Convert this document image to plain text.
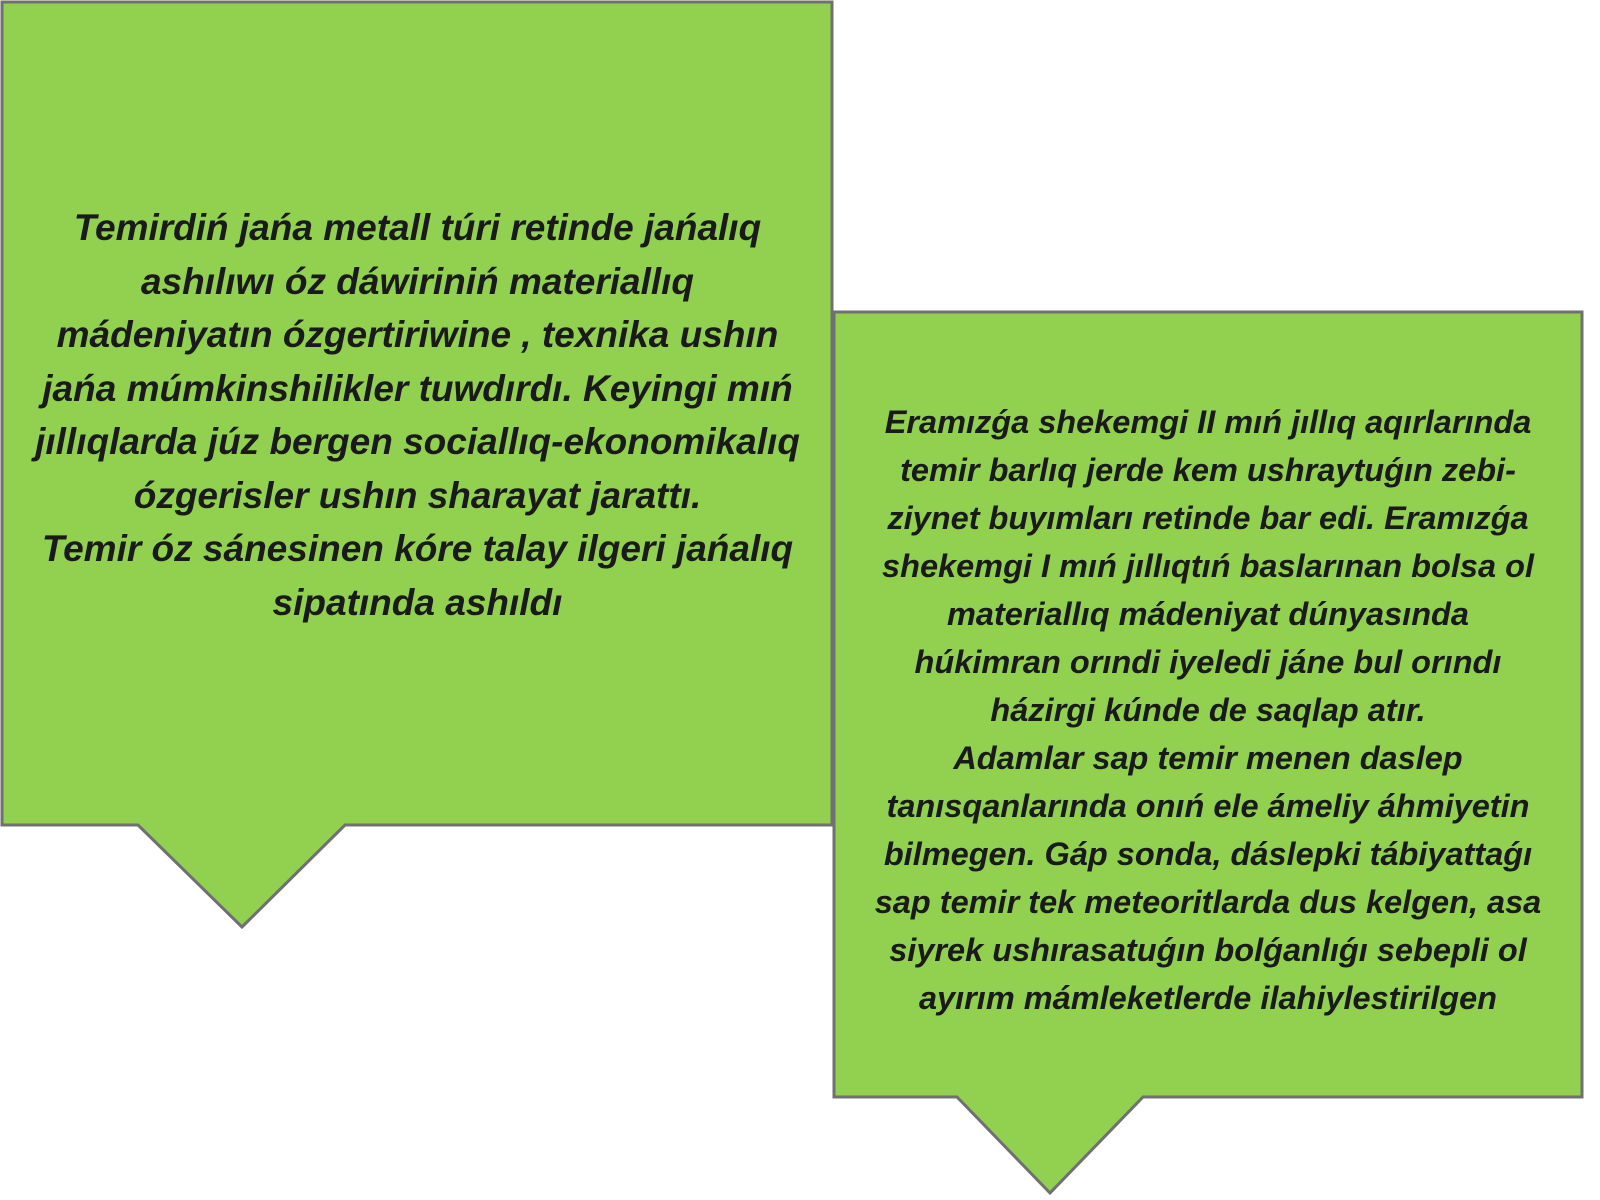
Temirdiń jańa metall túri retinde jańalıq
ashılıwı óz dáwiriniń materiallıq
mádeniyatın ózgertiriwine , texnika ushın
jańa múmkinshilikler tuwdırdı. Keyingi mıń
jıllıqlarda júz bergen sociallıq-ekonomikalıq
ózgerisler ushın sharayat jarattı.

Temir óz sánesinen kóre talay ilgeri jańalıq
sipatında ashıldı

Eramızǵa shekemgi II mıń jıllıq aqırlarında
temir barlıq jerde kem ushraytuǵın zebi-
ziynet buyımları retinde bar edi. Eramızǵa
shekemgi I mıń jıllıqtıń baslarınan bolsa ol
materiallıq mádeniyat dúnyasında
húkimran orındi iyeledi jáne bul orındı
házirgi kúnde de saqlap atır.

Adamlar sap temir menen daslep
tanısqanlarında onıń ele ámeliy áhmiyetin
bilmegen. Gáp sonda, dáslepki tábiyattaǵı
sap temir tek meteoritlarda dus kelgen, asa
siyrek ushırasatuǵın bolǵanlıǵı sebepli ol
ayırım mámleketlerde ilahiylestirilgen
